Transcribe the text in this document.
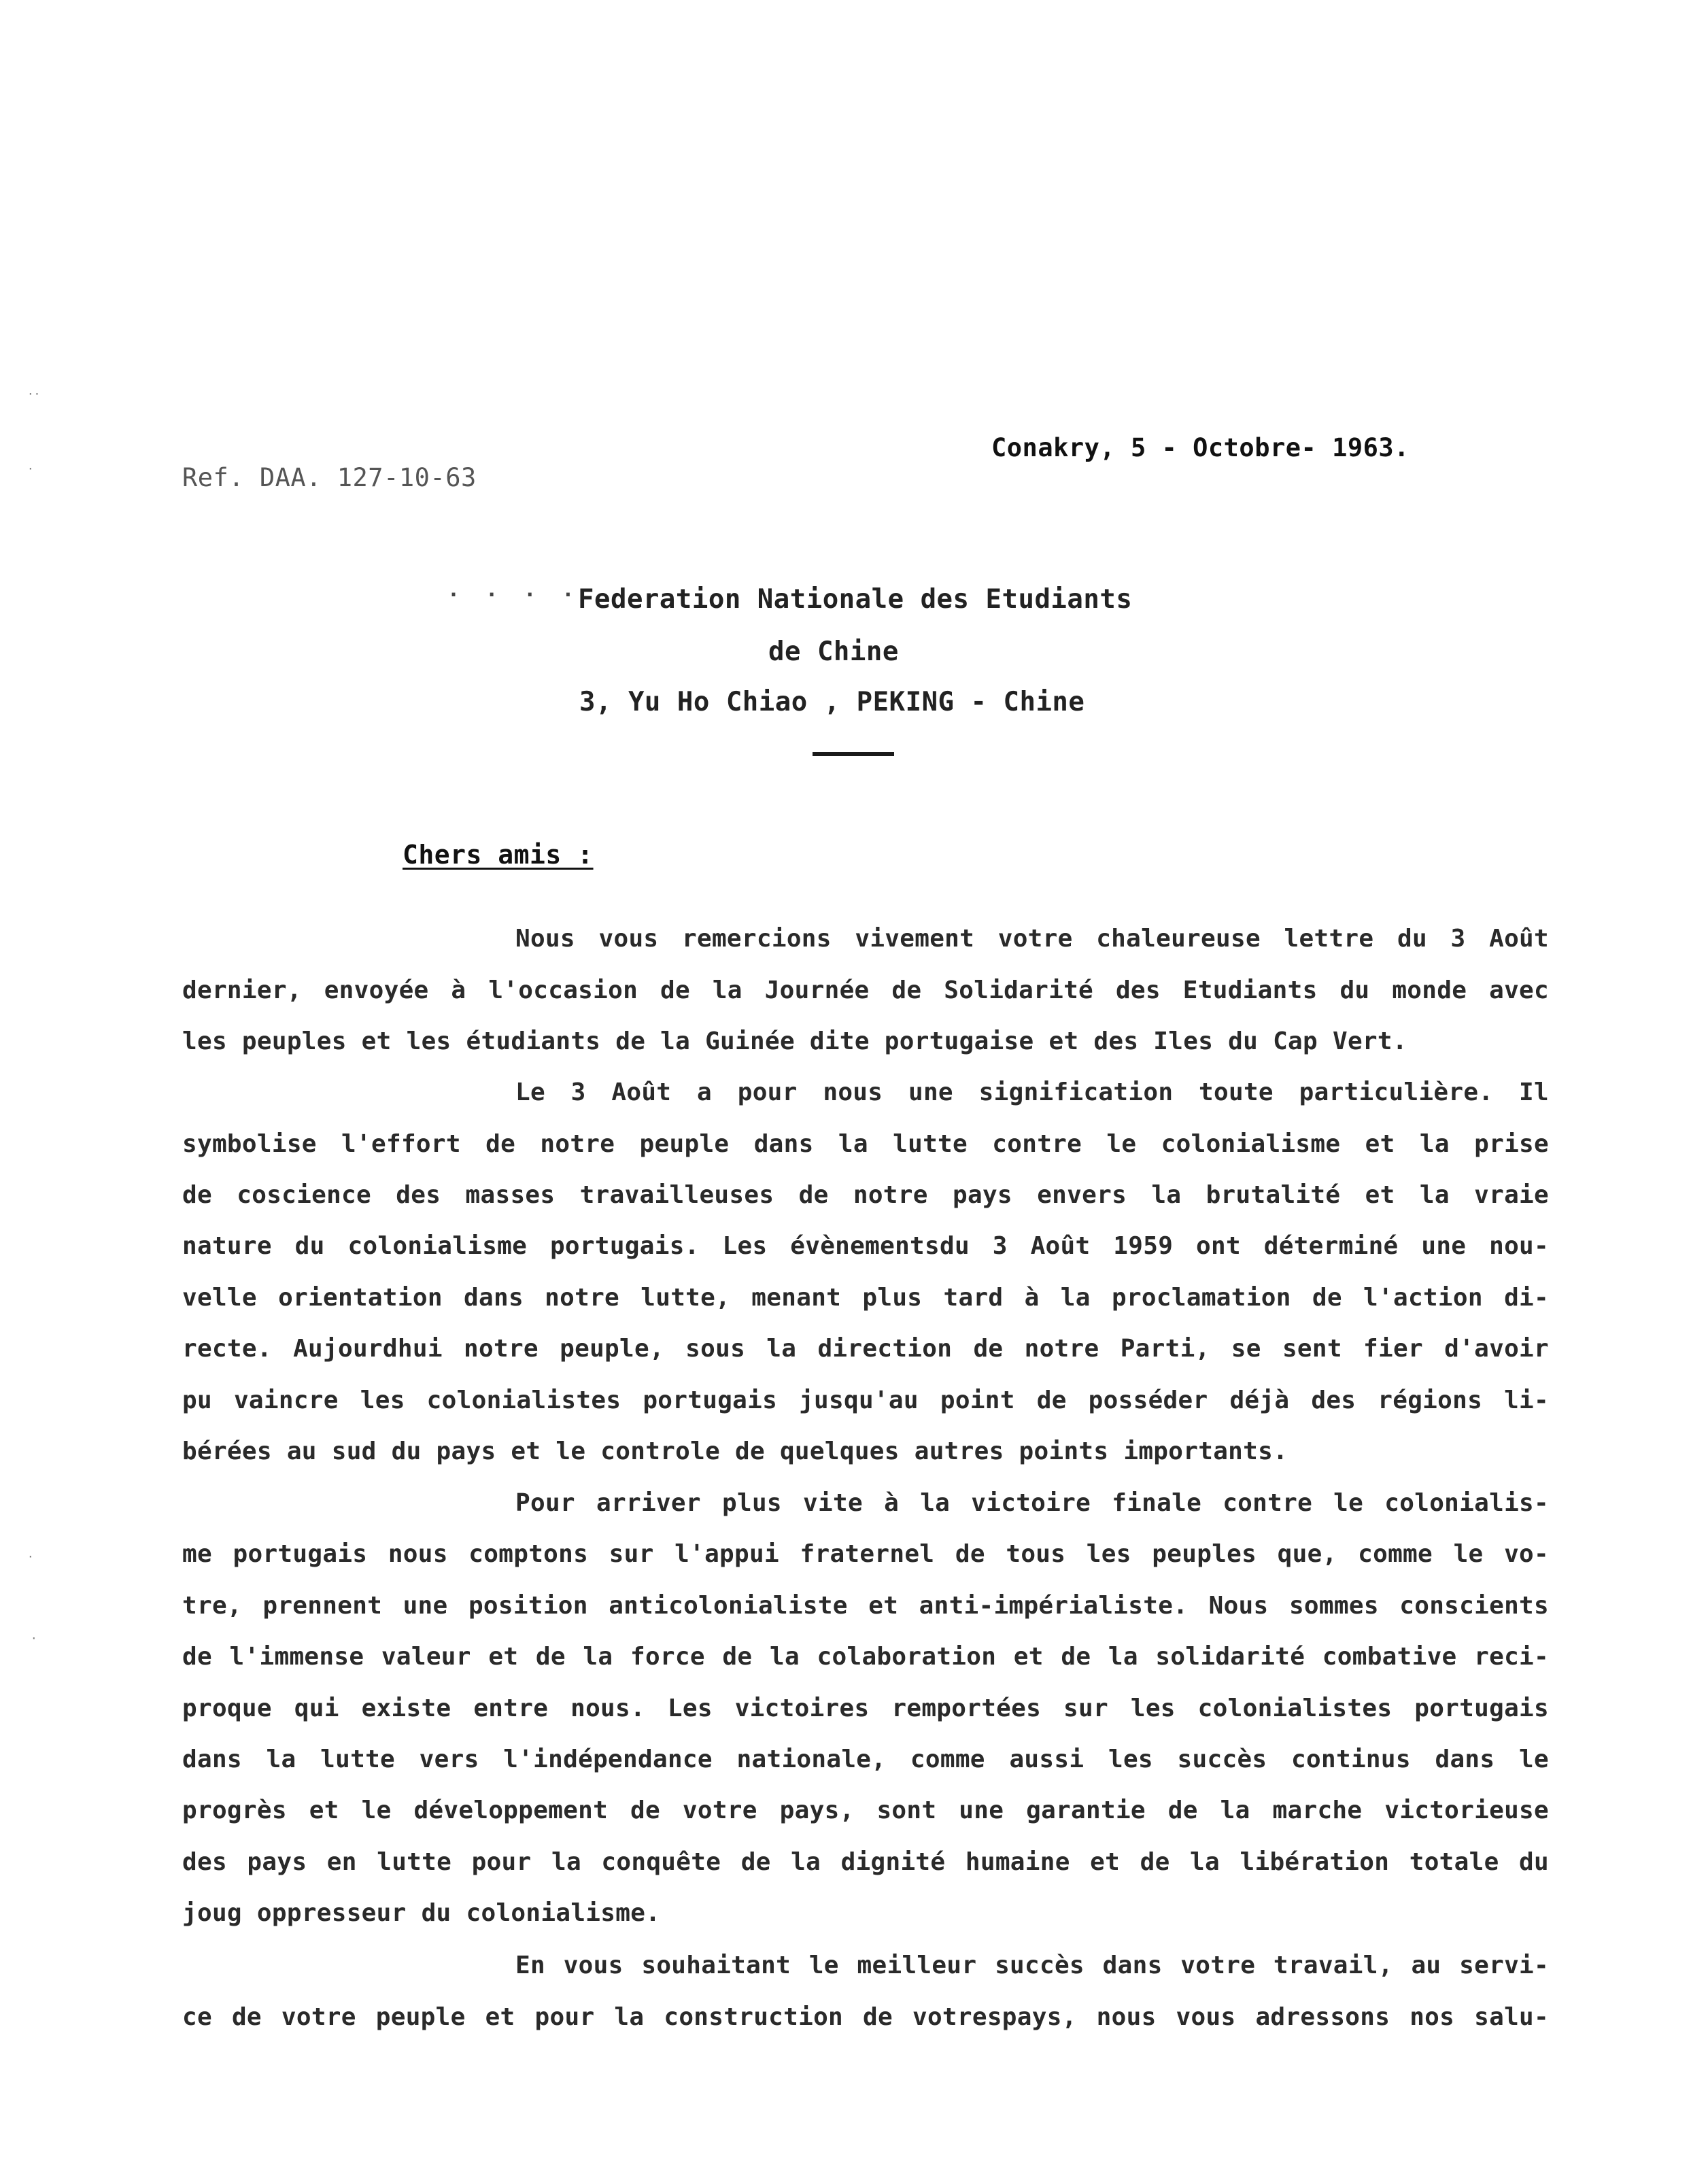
Ref. DAA. 127-10-63
Conakry, 5 - Octobre- 1963.
· · · ·
Federation Nationale des Etudiants
de Chine
3, Yu Ho Chiao , PEKING - Chine
Chers amis :
Nous vous remercions vivement votre chaleureuse lettre du 3 Août
dernier, envoyée à l'occasion de la Journée de Solidarité des Etudiants du monde avec
les peuples et les étudiants de la Guinée dite portugaise et des Iles du Cap Vert.
Le 3 Août a pour nous une signification toute particulière. Il
symbolise l'effort de notre peuple dans la lutte contre le colonialisme et la prise
de coscience des masses travailleuses de notre pays envers la brutalité et la vraie
nature du colonialisme portugais. Les évènementsdu 3 Août 1959 ont déterminé une nou-
velle orientation dans notre lutte, menant plus tard à la proclamation de l'action di-
recte. Aujourdhui notre peuple, sous la direction de notre Parti, se sent fier d'avoir
pu vaincre les colonialistes portugais jusqu'au point de posséder déjà des régions li-
bérées au sud du pays et le controle de quelques autres points importants.
Pour arriver plus vite à la victoire finale contre le colonialis-
me portugais nous comptons sur l'appui fraternel de tous les peuples que, comme le vo-
tre, prennent une position anticolonialiste et anti-impérialiste. Nous sommes conscients
de l'immense valeur et de la force de la colaboration et de la solidarité combative reci-
proque qui existe entre nous. Les victoires remportées sur les colonialistes portugais
dans la lutte vers l'indépendance nationale, comme aussi les succès continus dans le
progrès et le développement de votre pays, sont une garantie de la marche victorieuse
des pays en lutte pour la conquête de la dignité humaine et de la libération totale du
joug oppresseur du colonialisme.
En vous souhaitant le meilleur succès dans votre travail, au servi-
ce de votre peuple et pour la construction de votrespays, nous vous adressons nos salu-
··
·
·
·
